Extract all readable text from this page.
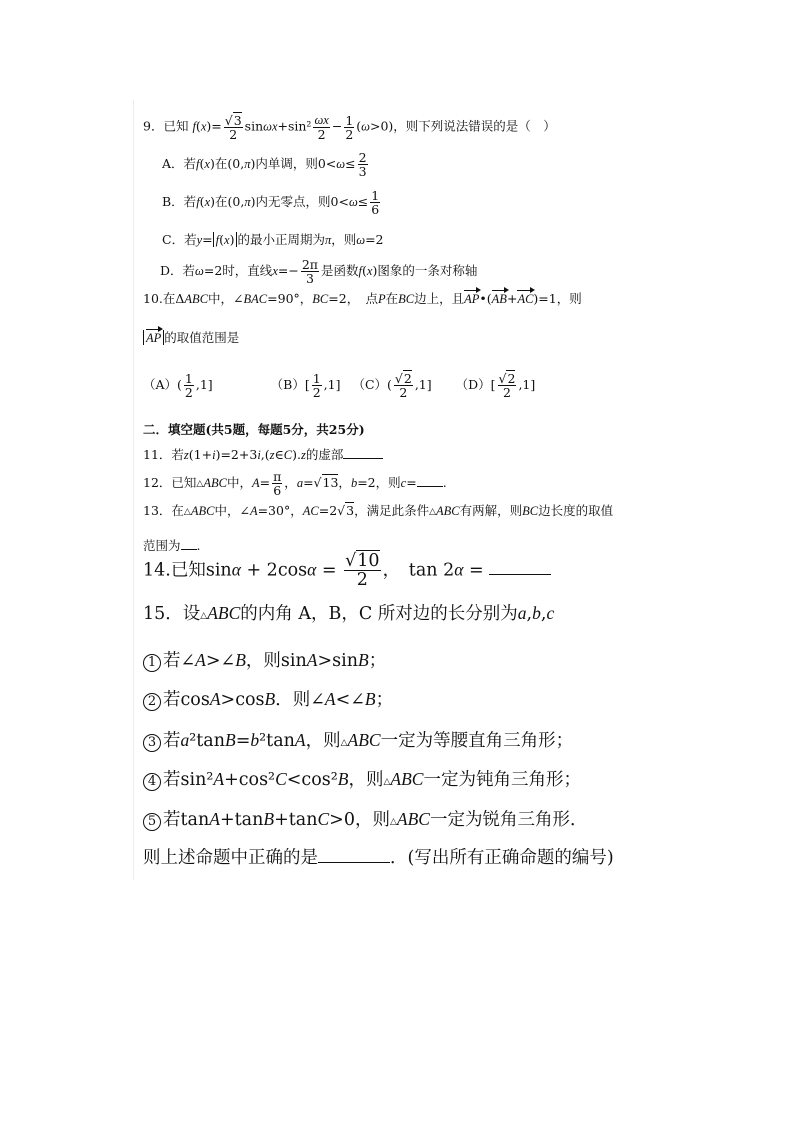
9．已知 $f(x)= \frac{√3}{2} \sin\omega x+\sin^2 \frac{\omega x}{2} - \frac{1}{2} (\omega>0)$，则下列说法错误的是（　）
A．若f(x)在(0,π)内单调，则$0<\omega\le \frac{2}{3}$
B．若f(x)在(0,π)内无零点，则$0<\omega\le \frac{1}{6}$
C．若y= f(x) 的最小正周期为π，则ω=2
D．若ω=2时，直线$x=- \frac{2\pi}{3}$ 是函数f(x)图象的一条对称轴
10.在ΔABC中，∠BAC=90°，BC=2，　点P在BC边上，且AP•(AB+AC)=1，则
AP 的取值范围是
$(A)( \frac{1}{2} ,1]$	$(B)[ \frac{1}{2} ,1]$  $(C)( \frac{√2}{2} ,1]$  $(D)[ \frac{√2}{2} ,1]$
二．填空题(共5题，每题5分，共25分)
11．若z(1+i)=2+3i,(z∈C).z的虚部
12．已知△ABC中，$A= \frac{\pi}{6}$ ，a=√13，b=2，则c= .
13．在△ABC中，∠A=30°，AC=2√3，满足此条件△ABC有两解，则BC边长度的取值
范围为 .
14.已知$\sin\alpha + 2\cos\alpha = \frac{√10}{2}$ ，　tan 2α =
15．设△ABC的内角 A，B，C 所对边的长分别为a,b,c
1 若∠A>∠B，则sinA>sinB；
2 若cosA>cosB．则∠A<∠B；
3 若a²tanB=b²tanA，则△ABC一定为等腰直角三角形；
4 若sin²A+cos²C<cos²B，则△ABC一定为钝角三角形；
5 若tanA+tanB+tanC>0，则△ABC一定为锐角三角形．
则上述命题中正确的是	．(写出所有正确命题的编号)
